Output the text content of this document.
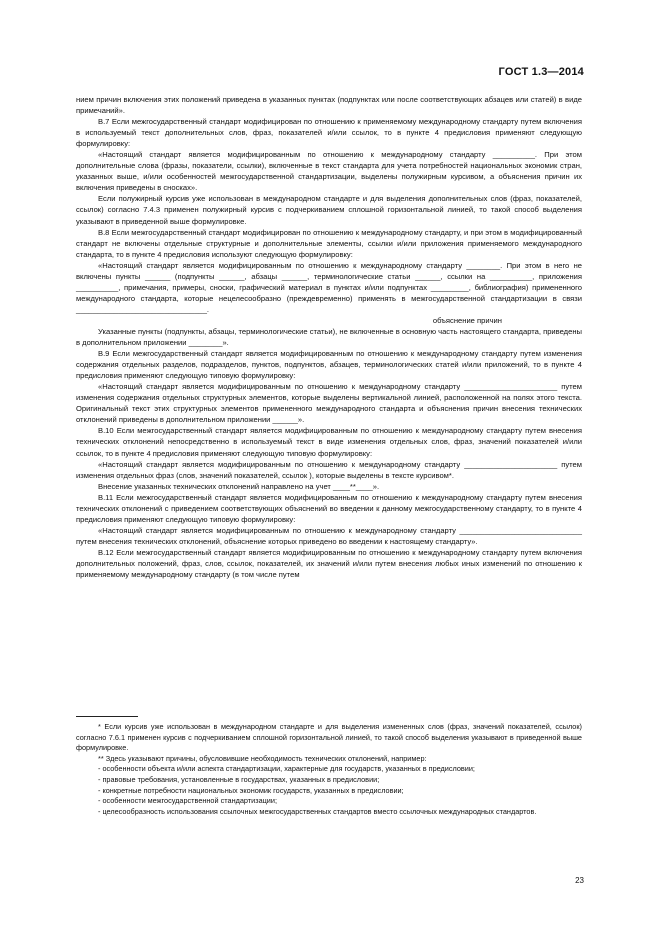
ГОСТ 1.3—2014

нием причин включения этих положений приведена в указанных пунктах (подпунктах или после соответствующих абзацев или статей) в виде примечаний».

В.7 Если межгосударственный стандарт модифицирован по отношению к применяемому международному стандарту путем включения в используемый текст дополнительных слов, фраз, показателей и/или ссылок, то в пункте 4 предисловия применяют следующую формулировку:

«Настоящий стандарт является модифицированным по отношению к международному стандарту __________. При этом дополнительные слова (фразы, показатели, ссылки), включенные в текст стандарта для учета потребностей национальных экономик стран, указанных выше, и/или особенностей межгосударственной стандартизации, выделены полужирным курсивом, а объяснения причин их включения приведены в сносках».

Если полужирный курсив уже использован в международном стандарте и для выделения дополнительных слов (фраз, показателей, ссылок) согласно 7.4.3 применен полужирный курсив с подчеркиванием сплошной горизонтальной линией, то такой способ выделения указывают в приведенной выше формулировке.

В.8 Если межгосударственный стандарт модифицирован по отношению к международному стандарту, и при этом в модифицированный стандарт не включены отдельные структурные и дополнительные элементы, ссылки и/или приложения применяемого международного стандарта, то в пункте 4 предисловия используют следующую формулировку:

«Настоящий стандарт является модифицированным по отношению к международному стандарту ________. При этом в него не включены пункты ______ (подпункты ______, абзацы ______, терминологические статьи ______, ссылки на __________, приложения __________, примечания, примеры, сноски, графический материал в пунктах и/или подпунктах _________, библиография) примененного международного стандарта, которые нецелесообразно (преждевременно) применять в межгосударственной стандартизации в связи _______________________________.

объяснение причин

Указанные пункты (подпункты, абзацы, терминологические статьи), не включенные в основную часть настоящего стандарта, приведены в дополнительном приложении ________».

В.9 Если межгосударственный стандарт является модифицированным по отношению к международному стандарту путем изменения содержания отдельных разделов, подразделов, пунктов, подпунктов, абзацев, терминологических статей и/или приложений, то в пункте 4 предисловия применяют следующую типовую формулировку:

«Настоящий стандарт является модифицированным по отношению к международному стандарту ______________________ путем изменения содержания отдельных структурных элементов, которые выделены вертикальной линией, расположенной на полях этого текста. Оригинальный текст этих структурных элементов примененного международного стандарта и объяснения причин внесения технических отклонений приведены в дополнительном приложении ______».

В.10 Если межгосударственный стандарт является модифицированным по отношению к международному стандарту путем внесения технических отклонений непосредственно в используемый текст в виде изменения отдельных слов, фраз, значений показателей и/или ссылок, то в пункте 4 предисловия применяют следующую типовую формулировку:

«Настоящий стандарт является модифицированным по отношению к международному стандарту ______________________ путем изменения отдельных фраз (слов, значений показателей, ссылок ), которые выделены в тексте курсивом*.

Внесение указанных технических отклонений направлено на учет ____**____».

В.11 Если межгосударственный стандарт является модифицированным по отношению к международному стандарту путем внесения технических отклонений с приведением соответствующих объяснений во введении к данному межгосударственному стандарту, то в пункте 4 предисловия применяют следующую типовую формулировку:

«Настоящий стандарт является модифицированным по отношению к международному стандарту _____________________________ путем внесения технических отклонений, объяснение которых приведено во введении к настоящему стандарту».

В.12 Если межгосударственный стандарт является модифицированным по отношению к международному стандарту путем включения дополнительных положений, фраз, слов, ссылок, показателей, их значений и/или путем внесения любых иных изменений по отношению к применяемому международному стандарту (в том числе путем

* Если курсив уже использован в международном стандарте и для выделения измененных слов (фраз, значений показателей, ссылок) согласно 7.6.1 применен курсив с подчеркиванием сплошной горизонтальной линией, то такой способ выделения указывают в приведенной выше формулировке.

** Здесь указывают причины, обусловившие необходимость технических отклонений, например:

- особенности объекта и/или аспекта стандартизации, характерные для государств, указанных в предисловии;

- правовые требования, установленные в государствах, указанных в предисловии;

- конкретные потребности национальных экономик государств, указанных в предисловии;

- особенности межгосударственной стандартизации;

- целесообразность использования ссылочных межгосударственных стандартов вместо ссылочных международных стандартов.

23
